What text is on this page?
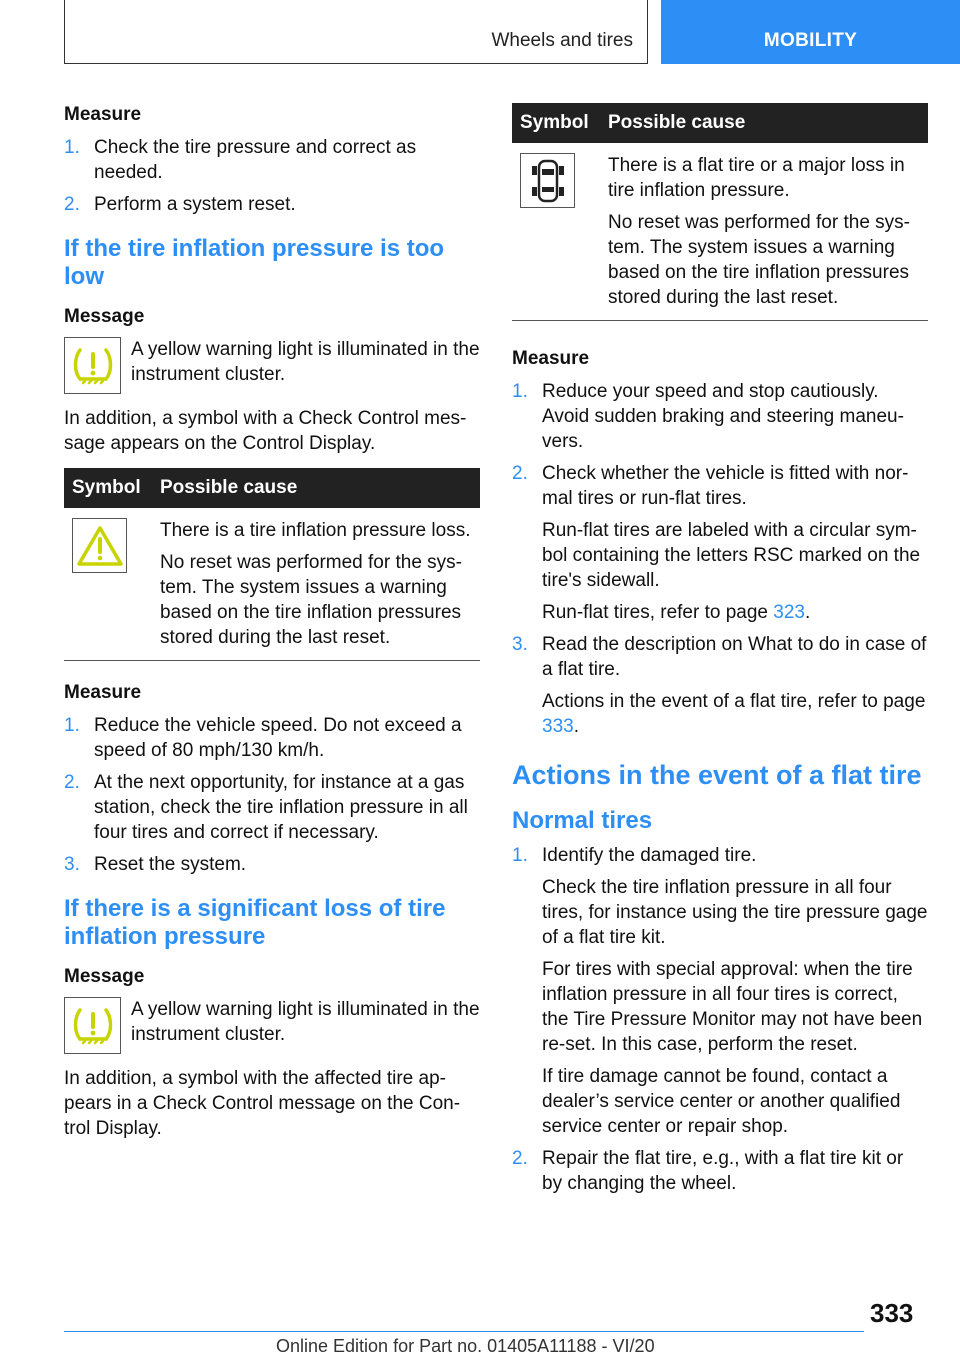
Wheels and tires	MOBILITY
Measure
1. Check the tire pressure and correct as needed.
2. Perform a system reset.
If the tire inflation pressure is too low
Message
A yellow warning light is illuminated in the instrument cluster.
In addition, a symbol with a Check Control mes-sage appears on the Control Display.
Symbol	Possible cause

There is a tire inflation pressure loss.

No reset was performed for the sys-tem. The system issues a warning based on the tire inflation pressures stored during the last reset.

Measure
1. Reduce the vehicle speed. Do not exceed a speed of 80 mph/130 km/h.
2. At the next opportunity, for instance at a gas station, check the tire inflation pressure in all four tires and correct if necessary.
3. Reset the system.
If there is a significant loss of tire inflation pressure
Message
A yellow warning light is illuminated in the instrument cluster.
In addition, a symbol with the affected tire ap-pears in a Check Control message on the Con-trol Display.
Symbol	Possible cause

There is a flat tire or a major loss in tire inflation pressure.

No reset was performed for the sys-tem. The system issues a warning based on the tire inflation pressures stored during the last reset.

Measure
1. Reduce your speed and stop cautiously. Avoid sudden braking and steering maneu-vers.

2. Check whether the vehicle is fitted with nor-mal tires or run-flat tires.

Run-flat tires are labeled with a circular sym-bol containing the letters RSC marked on the tire's sidewall.

Run-flat tires, refer to page 323.

3. Read the description on What to do in case of a flat tire.

Actions in the event of a flat tire, refer to page 333.

Actions in the event of a flat tire
Normal tires
1. Identify the damaged tire.

Check the tire inflation pressure in all four tires, for instance using the tire pressure gage of a flat tire kit.

For tires with special approval: when the tire inflation pressure in all four tires is correct, the Tire Pressure Monitor may not have been re-set. In this case, perform the reset.

If tire damage cannot be found, contact a dealer’s service center or another qualified service center or repair shop.

2. Repair the flat tire, e.g., with a flat tire kit or by changing the wheel.

333
Online Edition for Part no. 01405A11188 - VI/20
